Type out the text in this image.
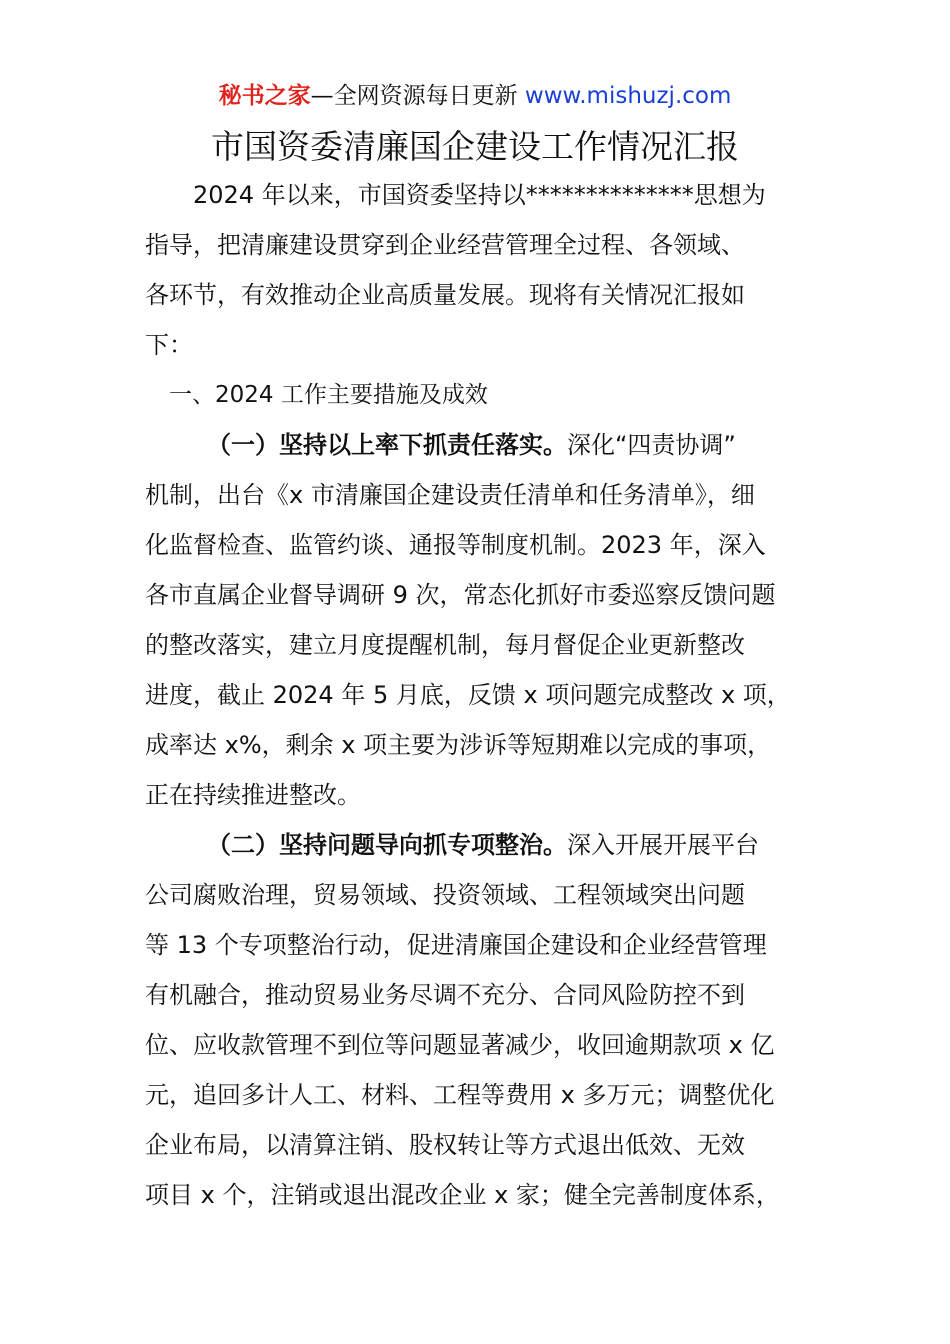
秘书之家—全网资源每日更新 www.mishuzj.com
市国资委清廉国企建设工作情况汇报
2024 年以来，市国资委坚持以**************思想为
指导，把清廉建设贯穿到企业经营管理全过程、各领域、
各环节，有效推动企业高质量发展。现将有关情况汇报如
下：
一、2024 工作主要措施及成效
（一）坚持以上率下抓责任落实。深化“四责协调”
机制，出台《x 市清廉国企建设责任清单和任务清单》，细
化监督检查、监管约谈、通报等制度机制。2023 年，深入
各市直属企业督导调研 9 次，常态化抓好市委巡察反馈问题
的整改落实，建立月度提醒机制，每月督促企业更新整改
进度，截止 2024 年 5 月底，反馈 x 项问题完成整改 x 项，
成率达 x%，剩余 x 项主要为涉诉等短期难以完成的事项，
正在持续推进整改。
（二）坚持问题导向抓专项整治。深入开展开展平台
公司腐败治理，贸易领域、投资领域、工程领域突出问题
等 13 个专项整治行动，促进清廉国企建设和企业经营管理
有机融合，推动贸易业务尽调不充分、合同风险防控不到
位、应收款管理不到位等问题显著减少，收回逾期款项 x 亿
元，追回多计人工、材料、工程等费用 x 多万元；调整优化
企业布局，以清算注销、股权转让等方式退出低效、无效
项目 x 个，注销或退出混改企业 x 家；健全完善制度体系，
